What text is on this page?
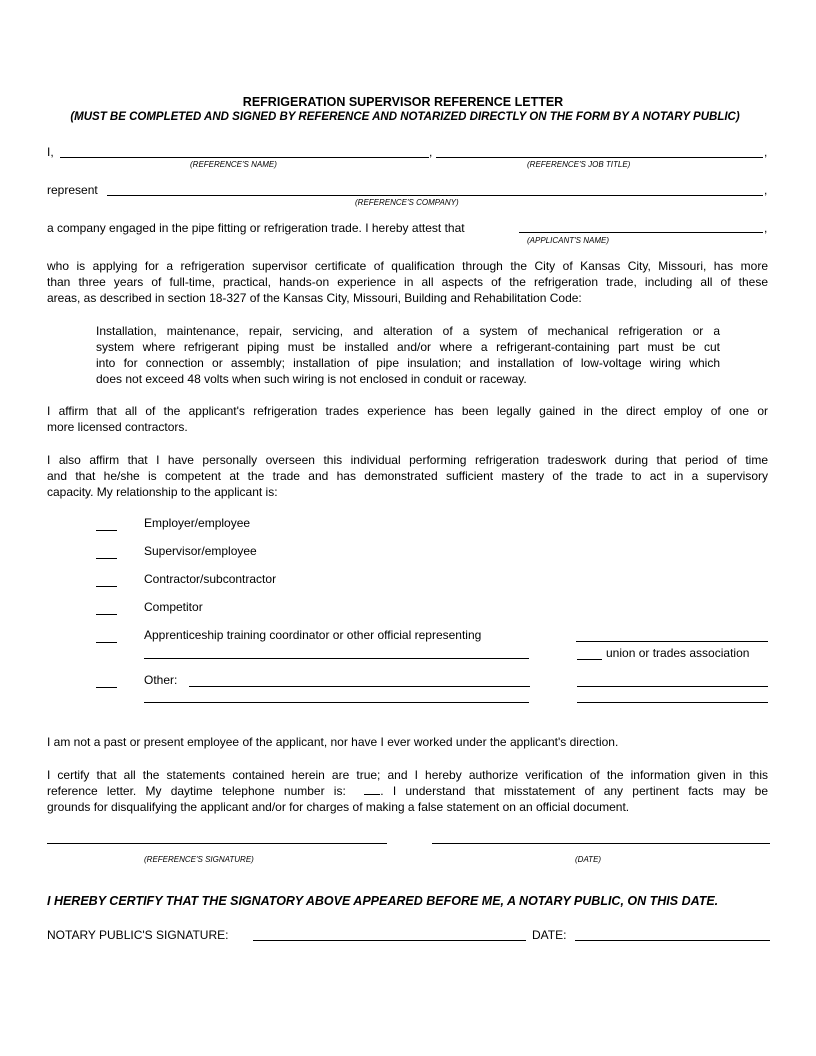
REFRIGERATION SUPERVISOR REFERENCE LETTER
(MUST BE COMPLETED AND SIGNED BY REFERENCE AND NOTARIZED DIRECTLY ON THE FORM BY A NOTARY PUBLIC)
I,	,	,
(REFERENCE'S NAME)	(REFERENCE'S JOB TITLE)
represent	,
(REFERENCE'S COMPANY)
a company engaged in the pipe fitting or refrigeration trade. I hereby attest that	,
(APPLICANT'S NAME)
who is applying for a refrigeration supervisor certificate of qualification through the City of Kansas City, Missouri, has more
than three years of full-time, practical, hands-on experience in all aspects of the refrigeration trade, including all of these
areas, as described in section 18-327 of the Kansas City, Missouri, Building and Rehabilitation Code:
Installation, maintenance, repair, servicing, and alteration of a system of mechanical refrigeration or a
system where refrigerant piping must be installed and/or where a refrigerant-containing part must be cut
into for connection or assembly; installation of pipe insulation; and installation of low-voltage wiring which
does not exceed 48 volts when such wiring is not enclosed in conduit or raceway.
I affirm that all of the applicant's refrigeration trades experience has been legally gained in the direct employ of one or
more licensed contractors.
I also affirm that I have personally overseen this individual performing refrigeration tradeswork during that period of time
and that he/she is competent at the trade and has demonstrated sufficient mastery of the trade to act in a supervisory
capacity. My relationship to the applicant is:
Employer/employee
Supervisor/employee
Contractor/subcontractor
Competitor
Apprenticeship training coordinator or other official representing
union or trades association
Other:
I am not a past or present employee of the applicant, nor have I ever worked under the applicant's direction.
I certify that all the statements contained herein are true; and I hereby authorize verification of the information given in this
reference letter. My daytime telephone number is:	. I understand that misstatement of any pertinent facts may be
grounds for disqualifying the applicant and/or for charges of making a false statement on an official document.
(REFERENCE'S SIGNATURE)	(DATE)
I HEREBY CERTIFY THAT THE SIGNATORY ABOVE APPEARED BEFORE ME, A NOTARY PUBLIC, ON THIS DATE.
NOTARY PUBLIC'S SIGNATURE:	DATE:
